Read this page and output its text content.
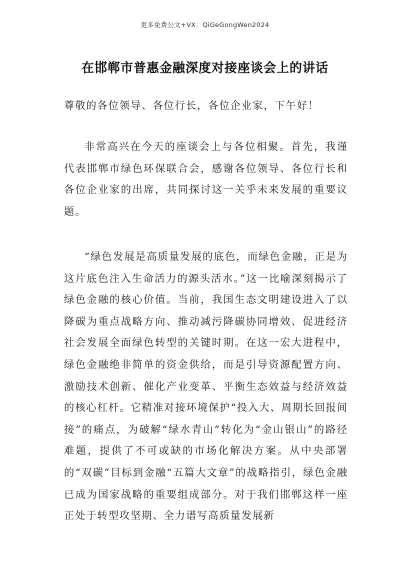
更多免费公文+VX：QiGeGongWen2024
在邯郸市普惠金融深度对接座谈会上的讲话
尊敬的各位领导、各位行长，各位企业家，下午好！
非常高兴在今天的座谈会上与各位相聚。首先，我谨代表邯郸市绿色环保联合会，感谢各位领导、各位行长和各位企业家的出席，共同探讨这一关乎未来发展的重要议题。
“绿色发展是高质量发展的底色，而绿色金融，正是为这片底色注入生命活力的源头活水。”这一比喻深刻揭示了绿色金融的核心价值。当前，我国生态文明建设进入了以降碳为重点战略方向、推动减污降碳协同增效、促进经济社会发展全面绿色转型的关键时期。在这一宏大进程中，绿色金融绝非简单的资金供给，而是引导资源配置方向、激励技术创新、催化产业变革、平衡生态效益与经济效益的核心杠杆。它精准对接环境保护“投入大、周期长回报间接”的痛点，为破解“绿水青山”转化为“金山银山”的路径难题，提供了不可或缺的市场化解决方案。从中央部署的“双碳”目标到金融“五篇大文章”的战略指引，绿色金融已成为国家战略的重要组成部分。对于我们邯郸这样一座正处于转型攻坚期、全力谱写高质量发展新
